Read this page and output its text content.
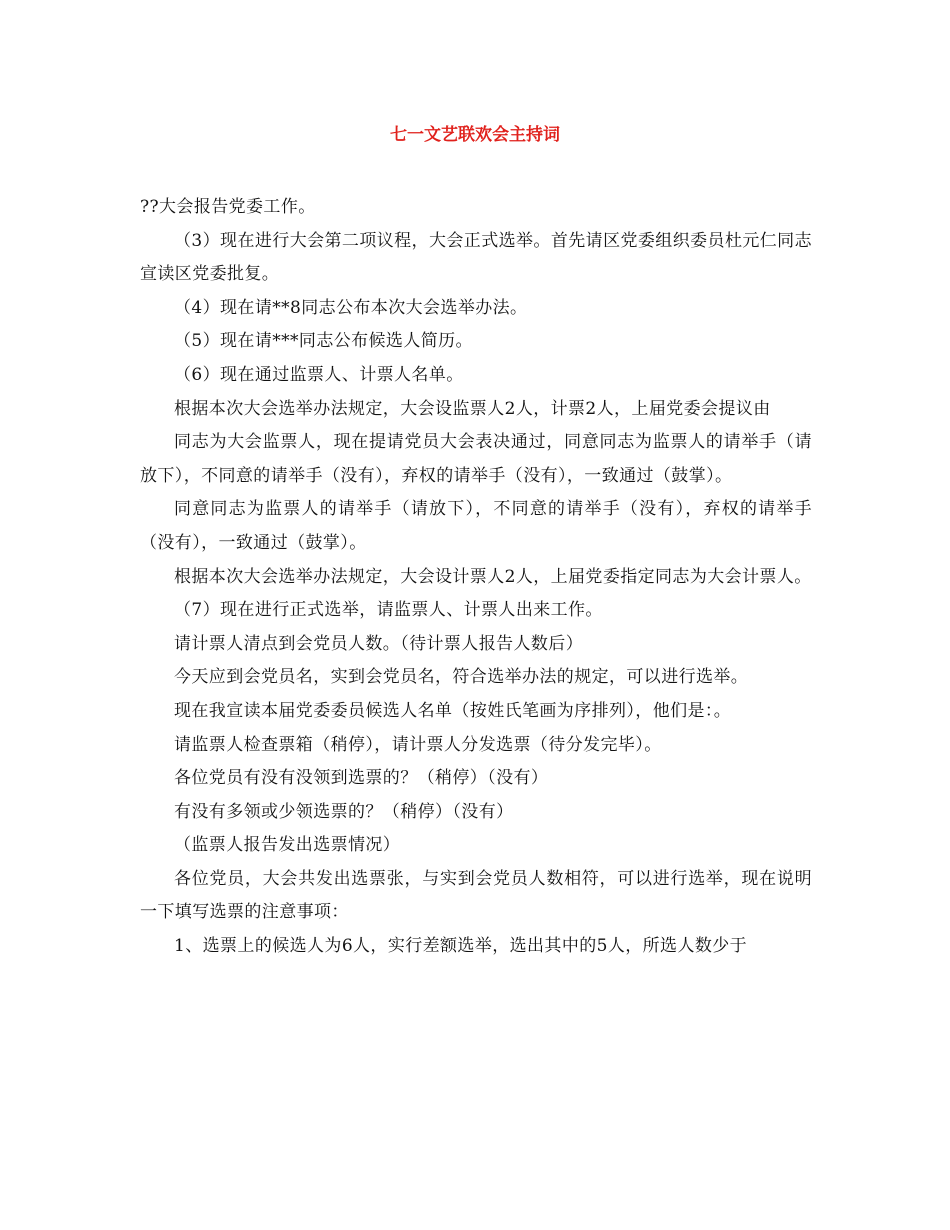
七一文艺联欢会主持词

??大会报告党委工作。

（3）现在进行大会第二项议程，大会正式选举。首先请区党委组织委员杜元仁同志宣读区党委批复。

（4）现在请**8同志公布本次大会选举办法。

（5）现在请***同志公布候选人简历。

（6）现在通过监票人、计票人名单。

根据本次大会选举办法规定，大会设监票人2人，计票2人，上届党委会提议由

同志为大会监票人，现在提请党员大会表决通过，同意同志为监票人的请举手（请放下），不同意的请举手（没有），弃权的请举手（没有），一致通过（鼓掌）。

同意同志为监票人的请举手（请放下），不同意的请举手（没有），弃权的请举手（没有），一致通过（鼓掌）。

根据本次大会选举办法规定，大会设计票人2人，上届党委指定同志为大会计票人。

（7）现在进行正式选举，请监票人、计票人出来工作。

请计票人清点到会党员人数。（待计票人报告人数后）

今天应到会党员名，实到会党员名，符合选举办法的规定，可以进行选举。

现在我宣读本届党委委员候选人名单（按姓氏笔画为序排列），他们是：。

请监票人检查票箱（稍停），请计票人分发选票（待分发完毕）。

各位党员有没有没领到选票的？（稍停）（没有）

有没有多领或少领选票的？（稍停）（没有）

（监票人报告发出选票情况）

各位党员，大会共发出选票张，与实到会党员人数相符，可以进行选举，现在说明一下填写选票的注意事项：

1、选票上的候选人为6人，实行差额选举，选出其中的5人，所选人数少于
